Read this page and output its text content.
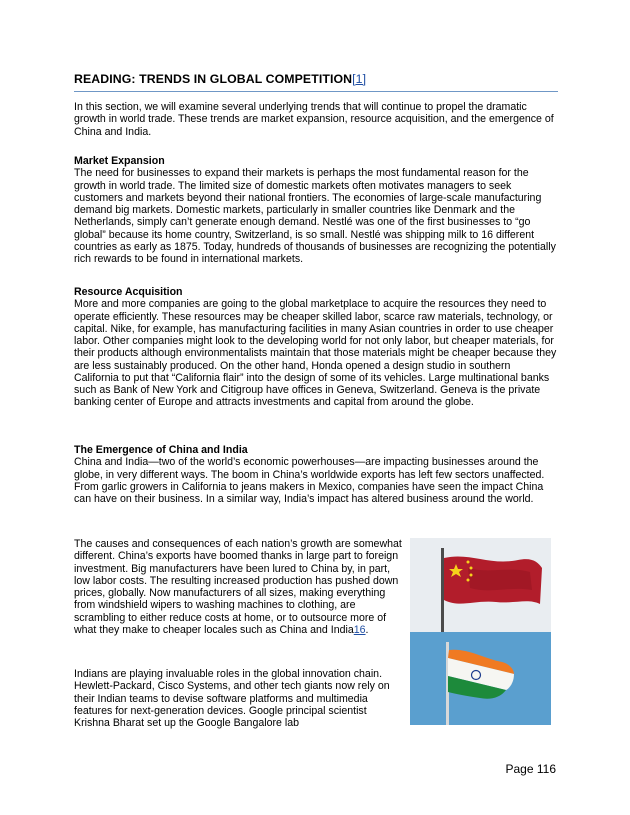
READING: TRENDS IN GLOBAL COMPETITION[1]

In this section, we will examine several underlying trends that will continue to propel the dramatic growth in world trade. These trends are market expansion, resource acquisition, and the emergence of China and India.

Market Expansion

The need for businesses to expand their markets is perhaps the most fundamental reason for the growth in world trade. The limited size of domestic markets often motivates managers to seek customers and markets beyond their national frontiers. The economies of large-scale manufacturing demand big markets. Domestic markets, particularly in smaller countries like Denmark and the Netherlands, simply can’t generate enough demand. Nestlé was one of the first businesses to “go global” because its home country, Switzerland, is so small. Nestlé was shipping milk to 16 different countries as early as 1875. Today, hundreds of thousands of businesses are recognizing the potentially rich rewards to be found in international markets.

Resource Acquisition

More and more companies are going to the global marketplace to acquire the resources they need to operate efficiently. These resources may be cheaper skilled labor, scarce raw materials, technology, or capital. Nike, for example, has manufacturing facilities in many Asian countries in order to use cheaper labor. Other companies might look to the developing world for not only labor, but cheaper materials, for their products although environmentalists maintain that those materials might be cheaper because they are less sustainably produced. On the other hand, Honda opened a design studio in southern California to put that “California flair” into the design of some of its vehicles. Large multinational banks such as Bank of New York and Citigroup have offices in Geneva, Switzerland. Geneva is the private banking center of Europe and attracts investments and capital from around the globe.

The Emergence of China and India

China and India—two of the world’s economic powerhouses—are impacting businesses around the globe, in very different ways. The boom in China’s worldwide exports has left few sectors unaffected. From garlic growers in California to jeans makers in Mexico, companies have seen the impact China can have on their business. In a similar way, India’s impact has altered business around the world.

The causes and consequences of each nation’s growth are somewhat different. China’s exports have boomed thanks in large part to foreign investment. Big manufacturers have been lured to China by, in part, low labor costs. The resulting increased production has pushed down prices, globally. Now manufacturers of all sizes, making everything from windshield wipers to washing machines to clothing, are scrambling to either reduce costs at home, or to outsource more of what they make to cheaper locales such as China and India16.

Indians are playing invaluable roles in the global innovation chain. Hewlett-Packard, Cisco Systems, and other tech giants now rely on their Indian teams to devise software platforms and multimedia features for next-generation devices. Google principal scientist Krishna Bharat set up the Google Bangalore lab

Page 116
